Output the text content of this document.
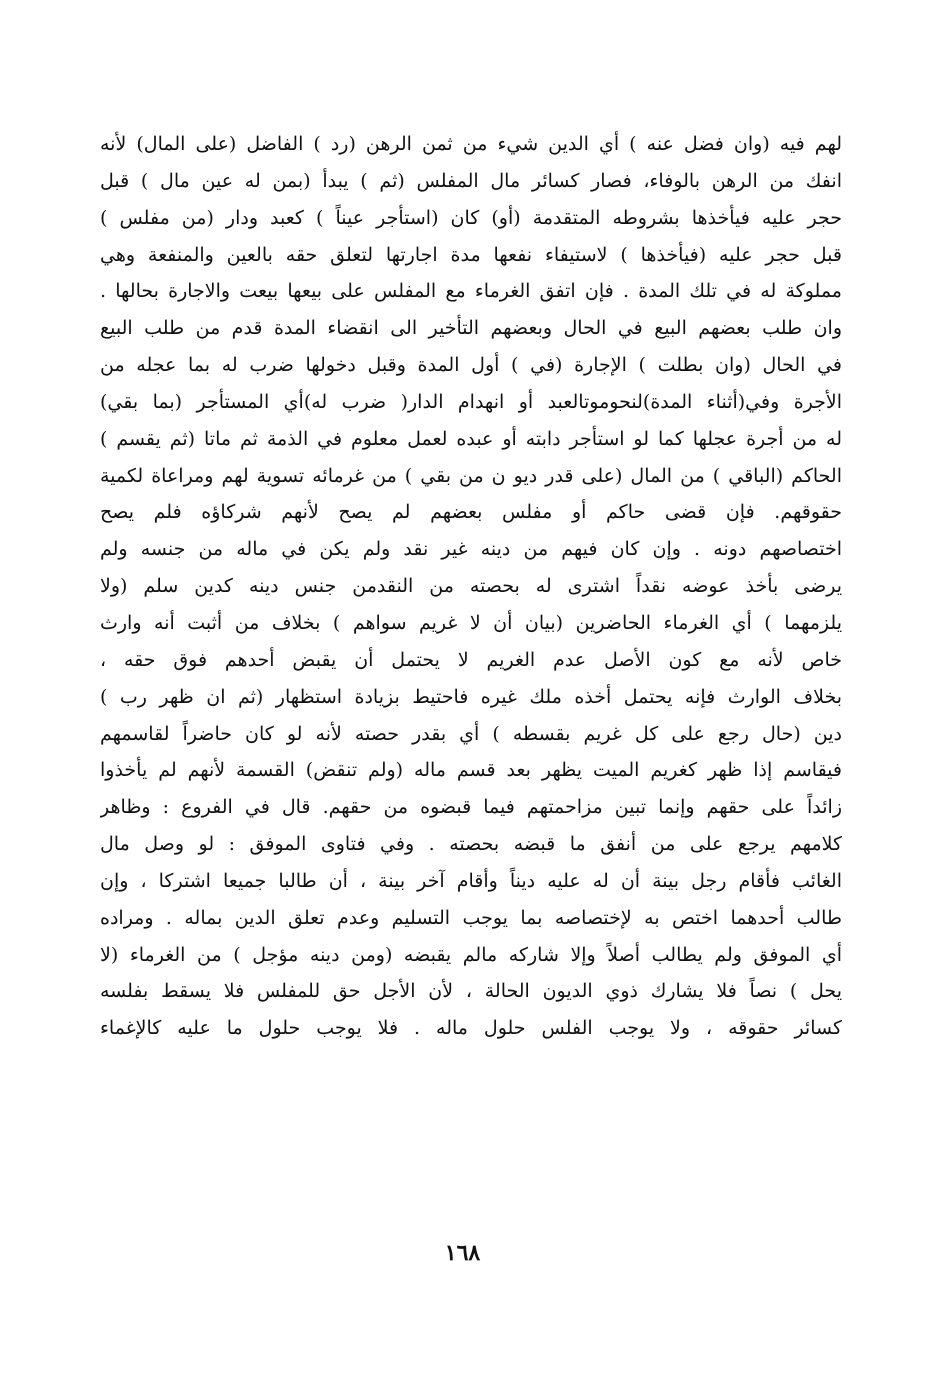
لهم فيه (وان فضل عنه ) أي الدين شيء من ثمن الرهن (رد ) الفاضل (على المال) لأنه
انفك من الرهن بالوفاء، فصار كسائر مال المفلس (ثم ) يبدأ (بمن له عين مال ) قبل
حجر عليه فيأخذها بشروطه المتقدمة (أو) كان (استأجر عيناً ) كعبد ودار (من مفلس )
قبل حجر عليه (فيأخذها ) لاستيفاء نفعها مدة اجارتها لتعلق حقه بالعين والمنفعة وهي
مملوكة له في تلك المدة . فإن اتفق الغرماء مع المفلس على بيعها بيعت والاجارة بحالها .
وان طلب بعضهم البيع في الحال وبعضهم التأخير الى انقضاء المدة قدم من طلب البيع
في الحال (وان بطلت ) الإجارة (في ) أول المدة وقبل دخولها ضرب له بما عجله من
الأجرة وفي(أثناء المدة)لنحوموتالعبد أو انهدام الدار( ضرب له)أي المستأجر (بما بقي)
له من أجرة عجلها كما لو استأجر دابته أو عبده لعمل معلوم في الذمة ثم ماتا (ثم يقسم )
الحاكم (الباقي ) من المال (على قدر ديو ن من بقي ) من غرمائه تسوية لهم ومراعاة لكمية
حقوقهم. فإن قضى حاكم أو مفلس بعضهم لم يصح لأنهم شركاؤه فلم يصح
اختصاصهم دونه . وإن كان فيهم من دينه غير نقد ولم يكن في ماله من جنسه ولم
يرضى بأخذ عوضه نقداً اشترى له بحصته من النقدمن جنس دينه كدين سلم (ولا
يلزمهما ) أي الغرماء الحاضرين (بيان أن لا غريم سواهم ) بخلاف من أثبت أنه وارث
خاص لأنه مع كون الأصل عدم الغريم لا يحتمل أن يقبض أحدهم فوق حقه ،
بخلاف الوارث فإنه يحتمل أخذه ملك غيره فاحتيط بزيادة استظهار (ثم ان ظهر رب )
دين (حال رجع على كل غريم بقسطه ) أي بقدر حصته لأنه لو كان حاضراً لقاسمهم
فيقاسم إذا ظهر كغريم الميت يظهر بعد قسم ماله (ولم تنقض) القسمة لأنهم لم يأخذوا
زائداً على حقهم وإنما تبين مزاحمتهم فيما قبضوه من حقهم. قال في الفروع : وظاهر
كلامهم يرجع على من أنفق ما قبضه بحصته . وفي فتاوى الموفق : لو وصل مال
الغائب فأقام رجل بينة أن له عليه ديناً وأقام آخر بينة ، أن طالبا جميعا اشتركا ، وإن
طالب أحدهما اختص به لإختصاصه بما يوجب التسليم وعدم تعلق الدين بماله . ومراده
أي الموفق ولم يطالب أصلاً وإلا شاركه مالم يقبضه (ومن دينه مؤجل ) من الغرماء (لا
يحل ) نصاً فلا يشارك ذوي الديون الحالة ، لأن الأجل حق للمفلس فلا يسقط بفلسه
كسائر حقوقه ، ولا يوجب الفلس حلول ماله . فلا يوجب حلول ما عليه كالإغماء
١٦٨
